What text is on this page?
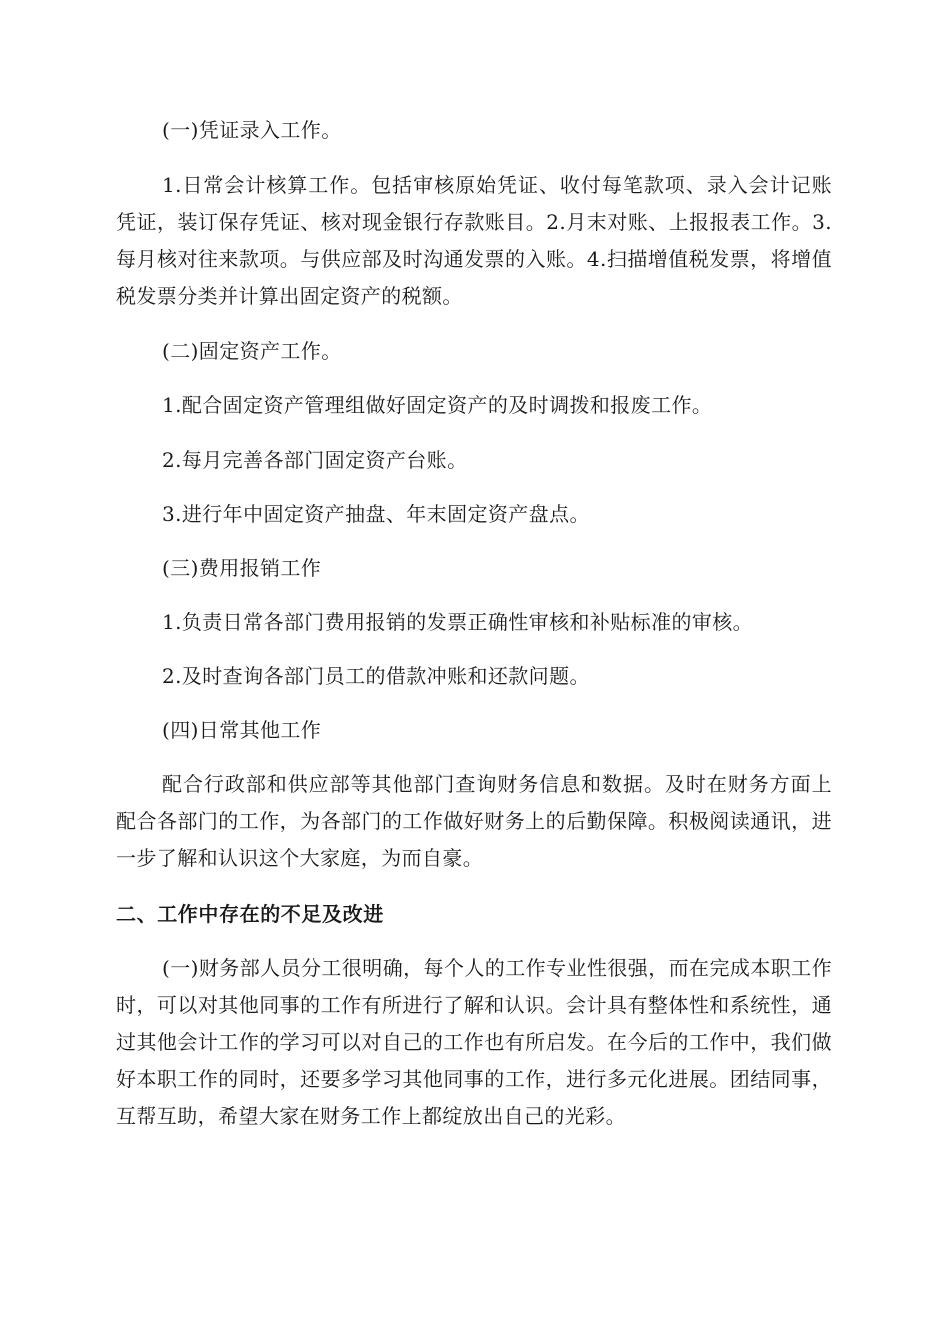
(一)凭证录入工作。

1.日常会计核算工作。包括审核原始凭证、收付每笔款项、录入会计记账凭证，装订保存凭证、核对现金银行存款账目。2.月末对账、上报报表工作。3.每月核对往来款项。与供应部及时沟通发票的入账。4.扫描增值税发票，将增值税发票分类并计算出固定资产的税额。

(二)固定资产工作。

1.配合固定资产管理组做好固定资产的及时调拨和报废工作。

2.每月完善各部门固定资产台账。

3.进行年中固定资产抽盘、年末固定资产盘点。

(三)费用报销工作

1.负责日常各部门费用报销的发票正确性审核和补贴标准的审核。

2.及时查询各部门员工的借款冲账和还款问题。

(四)日常其他工作

配合行政部和供应部等其他部门查询财务信息和数据。及时在财务方面上配合各部门的工作，为各部门的工作做好财务上的后勤保障。积极阅读通讯，进一步了解和认识这个大家庭，为而自豪。

二、工作中存在的不足及改进

(一)财务部人员分工很明确，每个人的工作专业性很强，而在完成本职工作时，可以对其他同事的工作有所进行了解和认识。会计具有整体性和系统性，通过其他会计工作的学习可以对自己的工作也有所启发。在今后的工作中，我们做好本职工作的同时，还要多学习其他同事的工作，进行多元化进展。团结同事，互帮互助，希望大家在财务工作上都绽放出自己的光彩。
